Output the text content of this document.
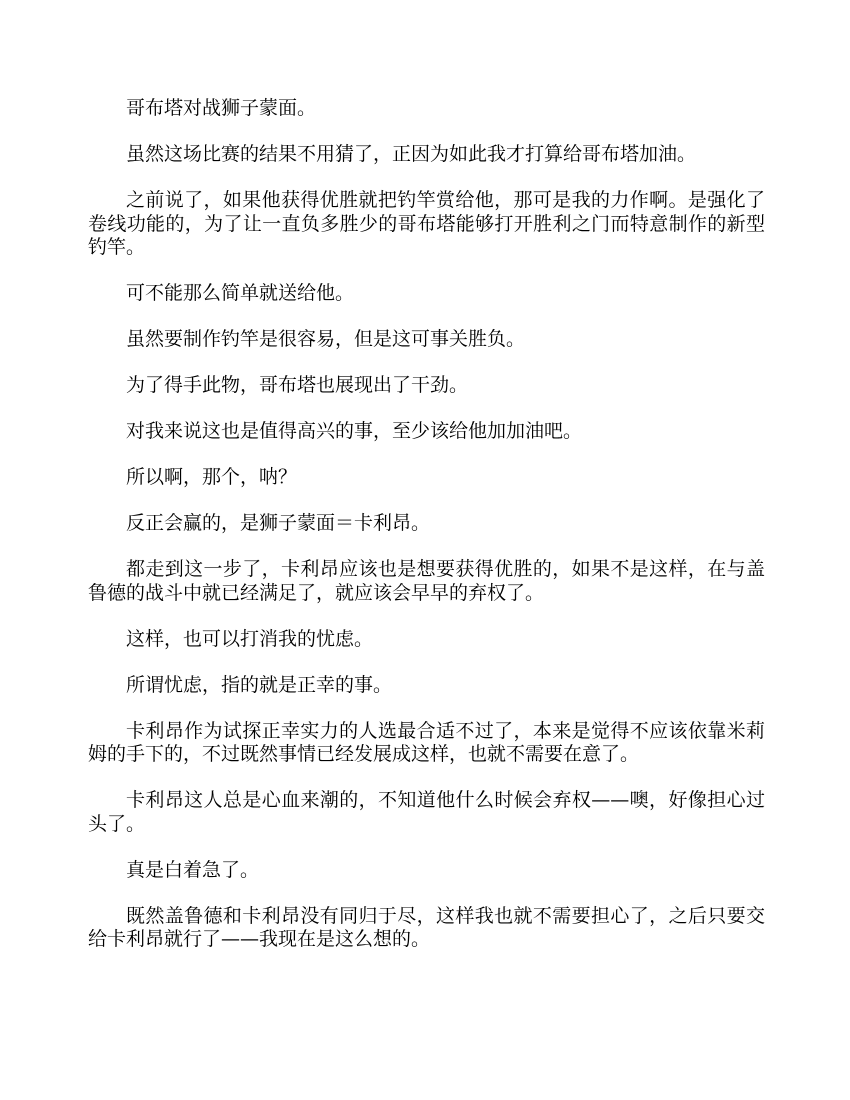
哥布塔对战狮子蒙面。

虽然这场比赛的结果不用猜了，正因为如此我才打算给哥布塔加油。

之前说了，如果他获得优胜就把钓竿赏给他，那可是我的力作啊。是强化了卷线功能的，为了让一直负多胜少的哥布塔能够打开胜利之门而特意制作的新型钓竿。

可不能那么简单就送给他。

虽然要制作钓竿是很容易，但是这可事关胜负。

为了得手此物，哥布塔也展现出了干劲。

对我来说这也是值得高兴的事，至少该给他加加油吧。

所以啊，那个，呐？

反正会赢的，是狮子蒙面＝卡利昂。

都走到这一步了，卡利昂应该也是想要获得优胜的，如果不是这样，在与盖鲁德的战斗中就已经满足了，就应该会早早的弃权了。

这样，也可以打消我的忧虑。

所谓忧虑，指的就是正幸的事。

卡利昂作为试探正幸实力的人选最合适不过了，本来是觉得不应该依靠米莉姆的手下的，不过既然事情已经发展成这样，也就不需要在意了。

卡利昂这人总是心血来潮的，不知道他什么时候会弃权——噢，好像担心过头了。

真是白着急了。

既然盖鲁德和卡利昂没有同归于尽，这样我也就不需要担心了，之后只要交给卡利昂就行了——我现在是这么想的。
